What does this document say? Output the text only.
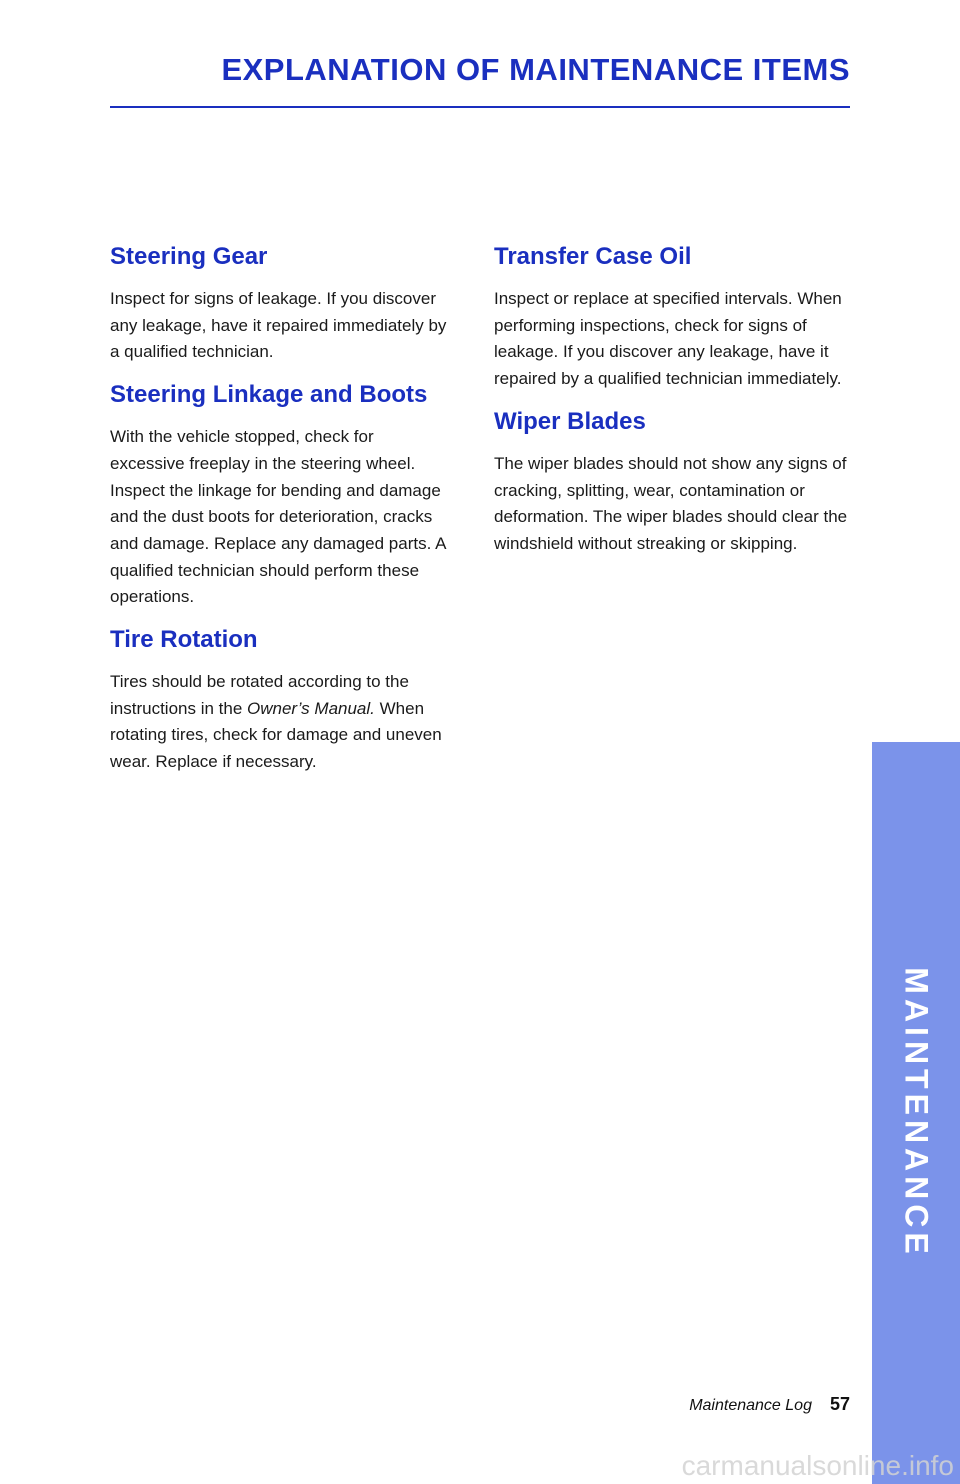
EXPLANATION OF MAINTENANCE ITEMS
Steering Gear

Inspect for signs of leakage. If you discover any leakage, have it repaired immediately by a qualified technician.

Steering Linkage and Boots

With the vehicle stopped, check for excessive freeplay in the steering wheel. Inspect the linkage for bending and damage and the dust boots for deterioration, cracks and damage. Replace any damaged parts. A qualified technician should perform these operations.

Tire Rotation

Tires should be rotated according to the instructions in the Owner’s Manual. When rotating tires, check for damage and uneven wear. Replace if necessary.

Transfer Case Oil

Inspect or replace at specified intervals. When performing inspections, check for signs of leakage. If you discover any leakage, have it repaired by a qualified technician immediately.

Wiper Blades

The wiper blades should not show any signs of cracking, splitting, wear, contamination or deformation. The wiper blades should clear the windshield without streaking or skipping.

MAINTENANCE
Maintenance Log 57
carmanualsonline.info
